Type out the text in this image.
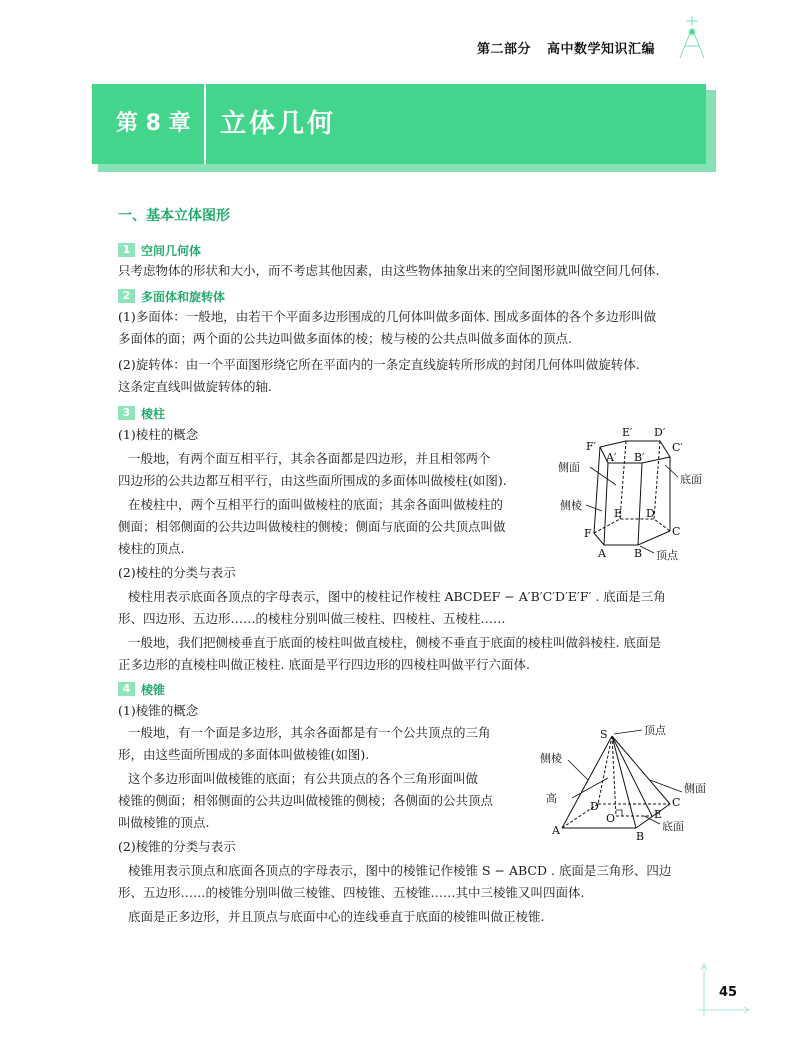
第二部分 高中数学知识汇编
第 8 章 立体几何
一、基本立体图形
1 空间几何体
只考虑物体的形状和大小，而不考虑其他因素，由这些物体抽象出来的空间图形就叫做空间几何体.
2 多面体和旋转体
(1)多面体：一般地，由若干个平面多边形围成的几何体叫做多面体. 围成多面体的各个多边形叫做
多面体的面；两个面的公共边叫做多面体的棱；棱与棱的公共点叫做多面体的顶点.
(2)旋转体：由一个平面图形绕它所在平面内的一条定直线旋转所形成的封闭几何体叫做旋转体.
这条定直线叫做旋转体的轴.
3 棱柱
(1)棱柱的概念
一般地，有两个面互相平行，其余各面都是四边形，并且相邻两个
四边形的公共边都互相平行，由这些面所围成的多面体叫做棱柱(如图).
在棱柱中，两个互相平行的面叫做棱柱的底面；其余各面叫做棱柱的
侧面；相邻侧面的公共边叫做棱柱的侧棱；侧面与底面的公共顶点叫做
棱柱的顶点.
(2)棱柱的分类与表示
棱柱用表示底面各顶点的字母表示，图中的棱柱记作棱柱 ABCDEF − A′B′C′D′E′F′ . 底面是三角
形、四边形、五边形……的棱柱分别叫做三棱柱、四棱柱、五棱柱……
一般地，我们把侧棱垂直于底面的棱柱叫做直棱柱，侧棱不垂直于底面的棱柱叫做斜棱柱. 底面是
正多边形的直棱柱叫做正棱柱. 底面是平行四边形的四棱柱叫做平行六面体.
E′ D′
F′
A′ B′
C′
侧面
底面
侧棱
E D
F	C
A	B 顶点
4 棱锥
(1)棱锥的概念
一般地，有一个面是多边形，其余各面都是有一个公共顶点的三角
形，由这些面所围成的多面体叫做棱锥(如图).
这个多边形面叫做棱锥的底面；有公共顶点的各个三角形面叫做
棱锥的侧面；相邻侧面的公共边叫做棱锥的侧棱；各侧面的公共顶点
叫做棱锥的顶点.
(2)棱锥的分类与表示
棱锥用表示顶点和底面各顶点的字母表示，图中的棱锥记作棱锥 S − ABCD . 底面是三角形、四边
形、五边形……的棱锥分别叫做三棱锥、四棱锥、五棱锥……其中三棱锥又叫四面体.
底面是正多边形，并且顶点与底面中心的连线垂直于底面的棱锥叫做正棱锥.
S	顶点
侧棱
侧面
高
D	C
O	E
A	B
底面
45
